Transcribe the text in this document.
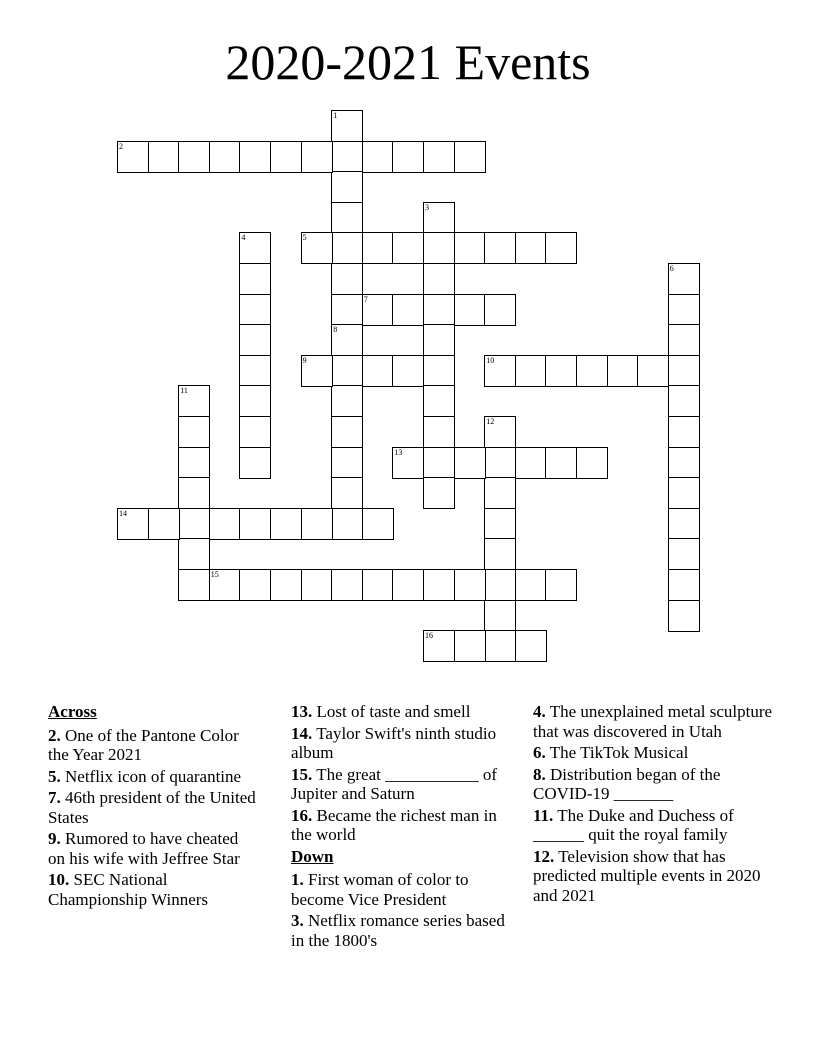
2020-2021 Events
1
8
2
3
4	5
6
7
9	10
11
12
13
14
15
16
Across
2. One of the Pantone Color the Year 2021
5. Netflix icon of quarantine
7. 46th president of the United States
9. Rumored to have cheated on his wife with Jeffree Star
10. SEC National Championship Winners
13. Lost of taste and smell
14. Taylor Swift's ninth studio album
15. The great ___________ of Jupiter and Saturn
16. Became the richest man in the world
Down
1. First woman of color to become Vice President
3. Netflix romance series based in the 1800's
4. The unexplained metal sculpture that was discovered in Utah
6. The TikTok Musical
8. Distribution began of the COVID-19 _______
11. The Duke and Duchess of ______ quit the royal family
12. Television show that has predicted multiple events in 2020 and 2021
